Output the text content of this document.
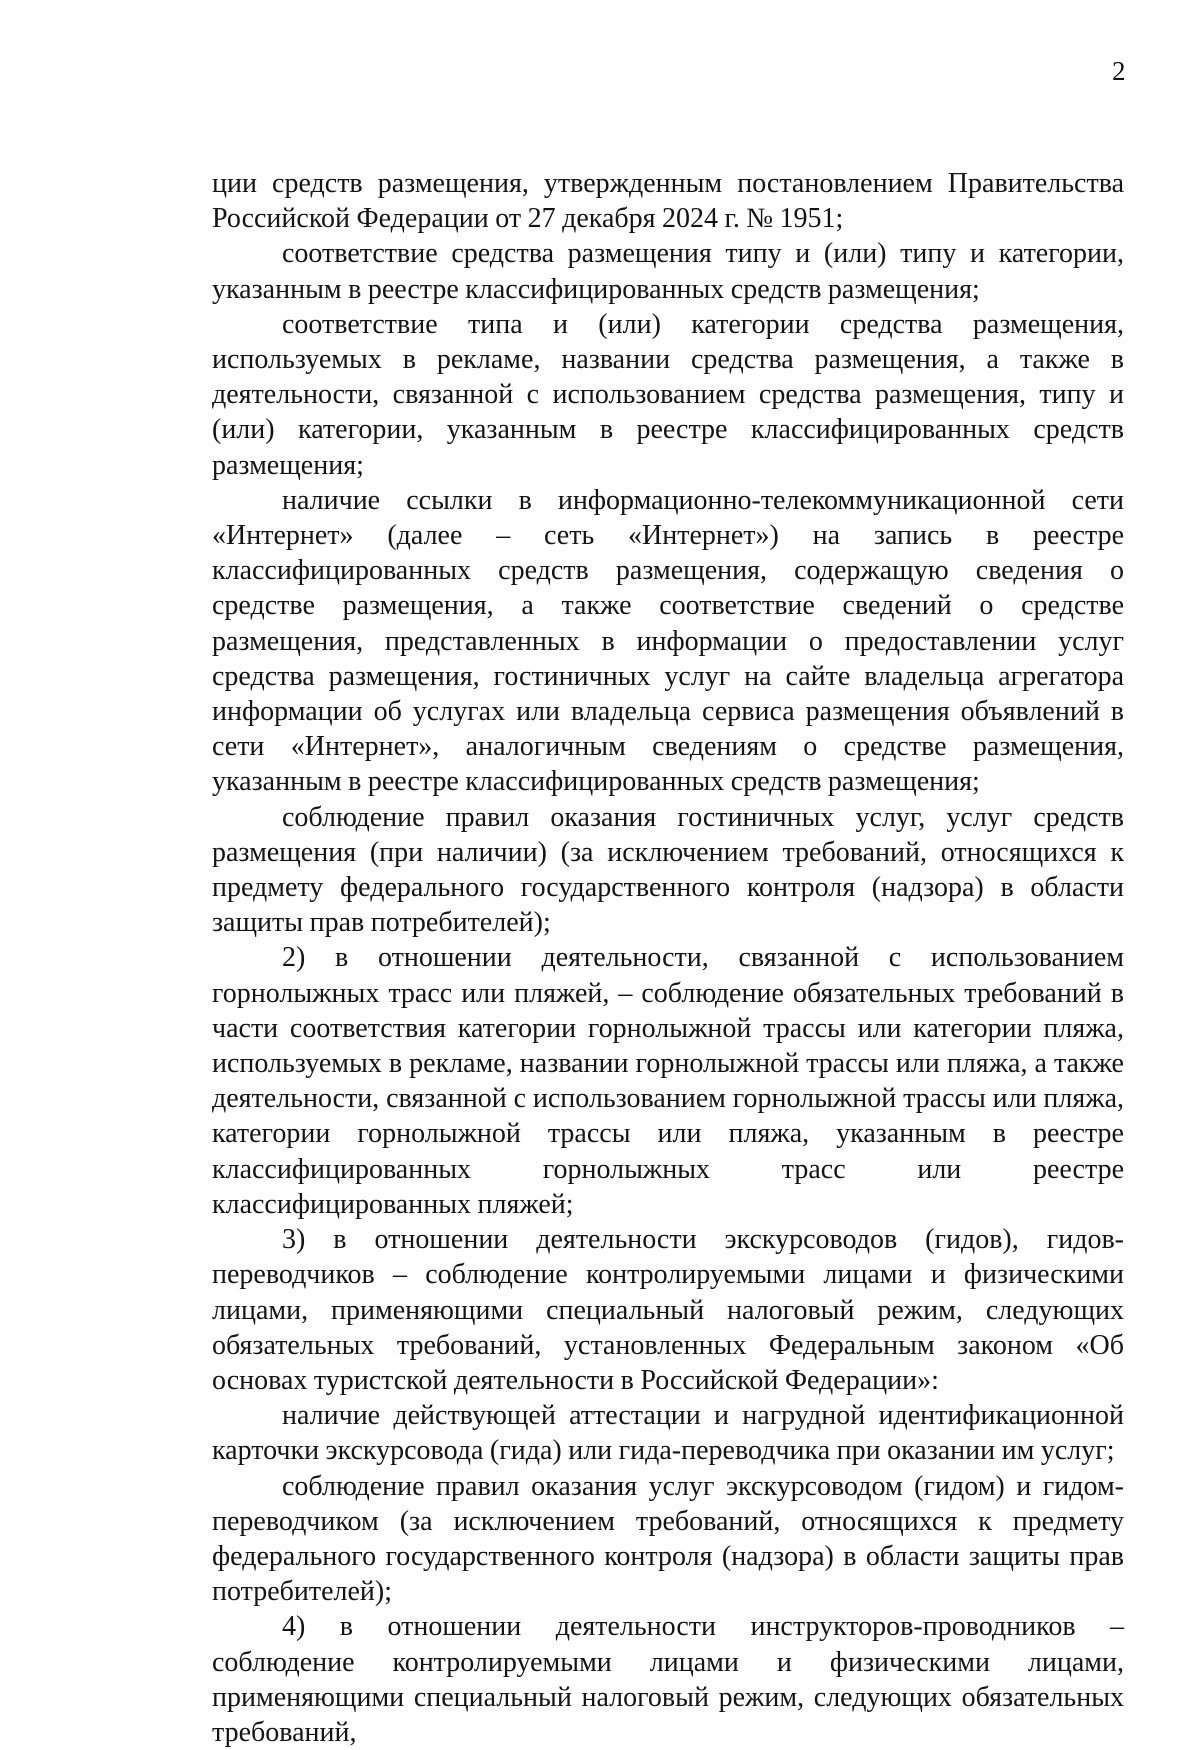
2

ции средств размещения, утвержденным постановлением Правительства Российской Федерации от 27 декабря 2024 г. № 1951;

соответствие средства размещения типу и (или) типу и категории, указанным в реестре классифицированных средств размещения;

соответствие типа и (или) категории средства размещения, используемых в рекламе, названии средства размещения, а также в деятельности, связанной с использованием средства размещения, типу и (или) категории, указанным в реестре классифицированных средств размещения;

наличие ссылки в информационно-телекоммуникационной сети «Интернет» (далее – сеть «Интернет») на запись в реестре классифицированных средств размещения, содержащую сведения о средстве размещения, а также соответствие сведений о средстве размещения, представленных в информации о предоставлении услуг средства размещения, гостиничных услуг на сайте владельца агрегатора информации об услугах или владельца сервиса размещения объявлений в сети «Интернет», аналогичным сведениям о средстве размещения, указанным в реестре классифицированных средств размещения;

соблюдение правил оказания гостиничных услуг, услуг средств размещения (при наличии) (за исключением требований, относящихся к предмету федерального государственного контроля (надзора) в области защиты прав потребителей);

2) в отношении деятельности, связанной с использованием горнолыжных трасс или пляжей, – соблюдение обязательных требований в части соответствия категории горнолыжной трассы или категории пляжа, используемых в рекламе, названии горнолыжной трассы или пляжа, а также деятельности, связанной с использованием горнолыжной трассы или пляжа, категории горнолыжной трассы или пляжа, указанным в реестре классифицированных горнолыжных трасс или реестре классифицированных пляжей;

3) в отношении деятельности экскурсоводов (гидов), гидов-переводчиков – соблюдение контролируемыми лицами и физическими лицами, применяющими специальный налоговый режим, следующих обязательных требований, установленных Федеральным законом «Об основах туристской деятельности в Российской Федерации»:

наличие действующей аттестации и нагрудной идентификационной карточки экскурсовода (гида) или гида-переводчика при оказании им услуг;

соблюдение правил оказания услуг экскурсоводом (гидом) и гидом-переводчиком (за исключением требований, относящихся к предмету федерального государственного контроля (надзора) в области защиты прав потребителей);

4) в отношении деятельности инструкторов-проводников – соблюдение контролируемыми лицами и физическими лицами, применяющими специальный налоговый режим, следующих обязательных требований,
